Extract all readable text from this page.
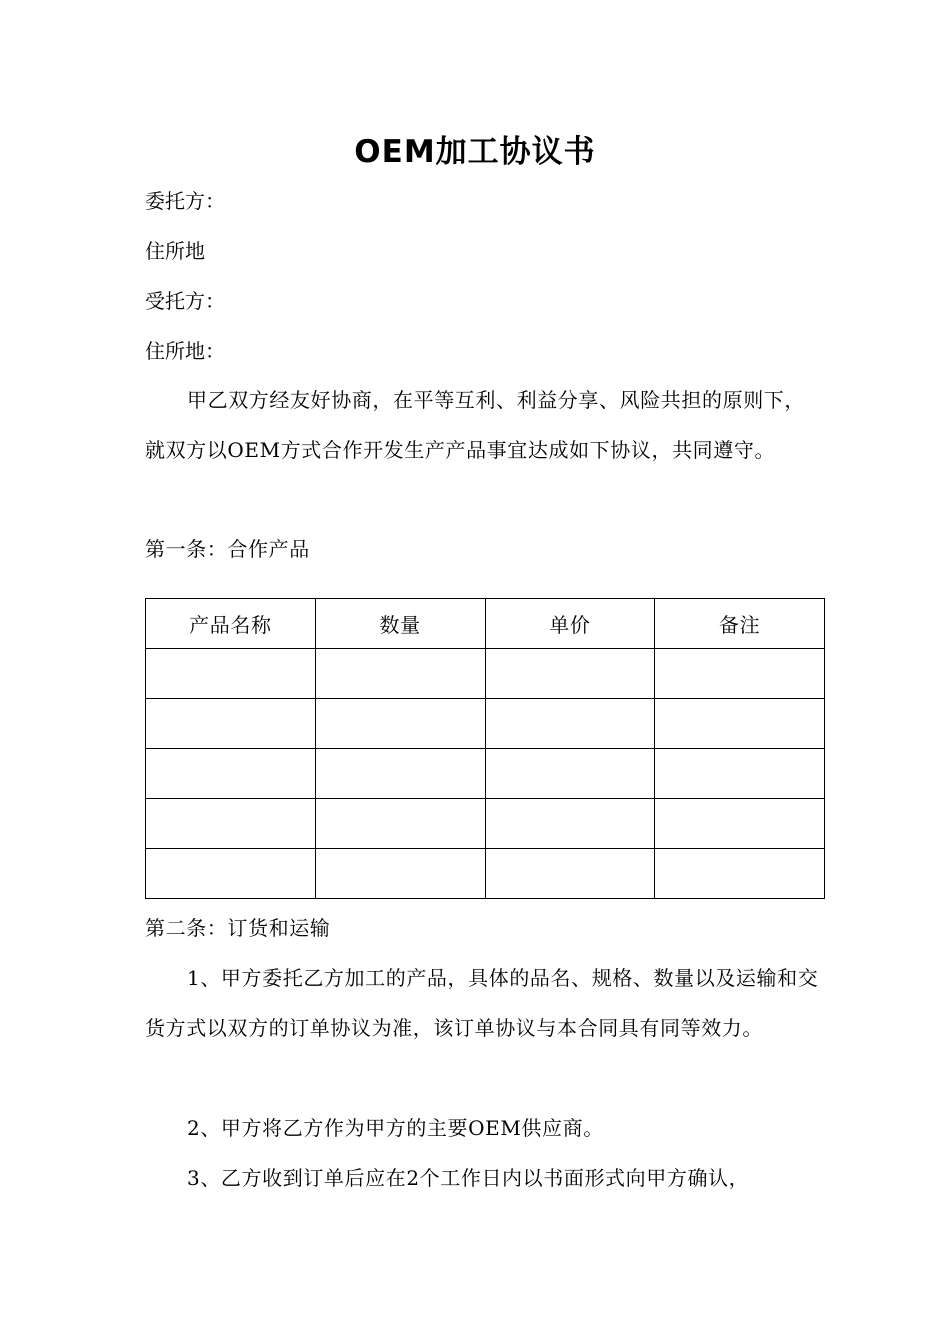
OEM加工协议书
委托方：
住所地
受托方：
住所地：

甲乙双方经友好协商，在平等互利、利益分享、风险共担的原则下，就双方以OEM方式合作开发生产产品事宜达成如下协议，共同遵守。

第一条：合作产品
产品名称	数量	单价	备注

第二条：订货和运输

1、甲方委托乙方加工的产品，具体的品名、规格、数量以及运输和交货方式以双方的订单协议为准，该订单协议与本合同具有同等效力。

2、甲方将乙方作为甲方的主要OEM供应商。

3、乙方收到订单后应在2个工作日内以书面形式向甲方确认，
